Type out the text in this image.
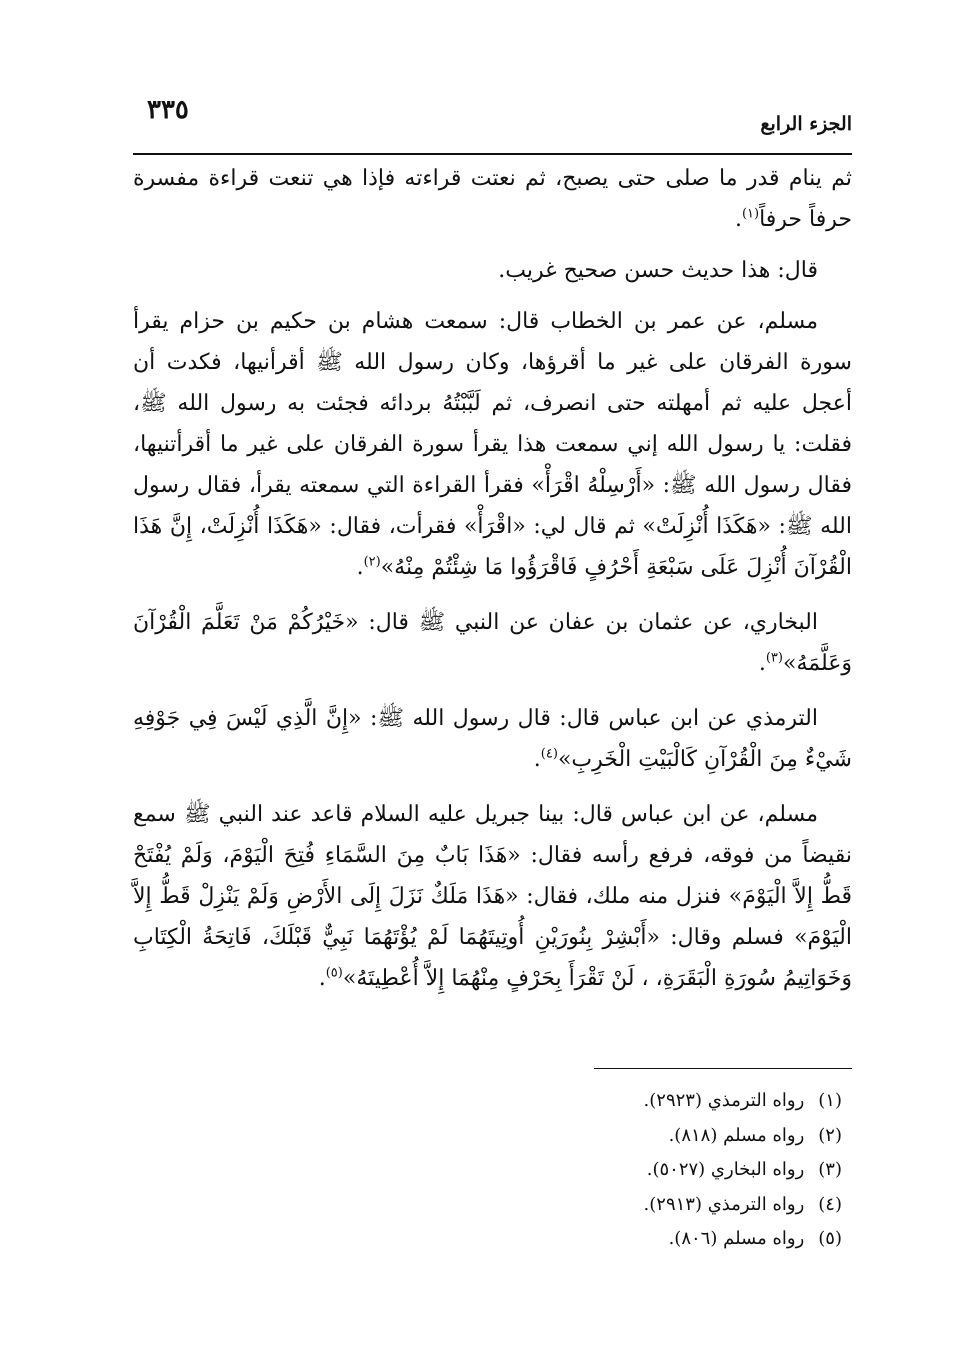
الجزء الرابع
٣٣٥

ثم ينام قدر ما صلى حتى يصبح، ثم نعتت قراءته فإذا هي تنعت قراءة مفسرة حرفاً حرفاً$^{(١)}$.

قال: هذا حديث حسن صحيح غريب.

مسلم، عن عمر بن الخطاب قال: سمعت هشام بن حكيم بن حزام يقرأ سورة الفرقان على غير ما أقرؤها، وكان رسول الله ﷺ أقرأنيها، فكدت أن أعجل عليه ثم أمهلته حتى انصرف، ثم لَبَّبْتُهُ بردائه فجئت به رسول الله ﷺ، فقلت: يا رسول الله إني سمعت هذا يقرأ سورة الفرقان على غير ما أقرأتنيها، فقال رسول الله ﷺ: «أَرْسِلْهُ اقْرَأْ» فقرأ القراءة التي سمعته يقرأ، فقال رسول الله ﷺ: «هَكَذَا أُنْزِلَتْ» ثم قال لي: «اقْرَأْ» فقرأت، فقال: «هَكَذَا أُنْزِلَتْ، إِنَّ هَذَا الْقُرْآنَ أُنْزِلَ عَلَى سَبْعَةِ أَحْرُفٍ فَاقْرَؤُوا مَا شِئْتُمْ مِنْهُ»$^{(٢)}$.

البخاري، عن عثمان بن عفان عن النبي ﷺ قال: «خَيْرُكُمْ مَنْ تَعَلَّمَ الْقُرْآنَ وَعَلَّمَهُ»$^{(٣)}$.

الترمذي عن ابن عباس قال: قال رسول الله ﷺ: «إِنَّ الَّذِي لَيْسَ فِي جَوْفِهِ شَيْءٌ مِنَ الْقُرْآنِ كَالْبَيْتِ الْخَرِبِ»$^{(٤)}$.

مسلم، عن ابن عباس قال: بينا جبريل عليه السلام قاعد عند النبي ﷺ سمع نقيضاً من فوقه، فرفع رأسه فقال: «هَذَا بَابٌ مِنَ السَّمَاءِ فُتِحَ الْيَوْمَ، وَلَمْ يُفْتَحْ قَطُّ إِلاَّ الْيَوْمَ» فنزل منه ملك، فقال: «هَذَا مَلَكٌ نَزَلَ إِلَى الأَرْضِ وَلَمْ يَنْزِلْ قَطُّ إِلاَّ الْيَوْمَ» فسلم وقال: «أَبْشِرْ بِنُورَيْنِ أُوتِيتَهُمَا لَمْ يُؤْتَهُمَا نَبِيٌّ قَبْلَكَ، فَاتِحَةُ الْكِتَابِ وَخَوَاتِيمُ سُورَةِ الْبَقَرَةِ، ، لَنْ تَقْرَأَ بِحَرْفٍ مِنْهُمَا إِلاَّ أُعْطِيتَهُ»$^{(٥)}$.

(١)رواه الترمذي (٢٩٢٣).
(٢)رواه مسلم (٨١٨).
(٣)رواه البخاري (٥٠٢٧).
(٤)رواه الترمذي (٢٩١٣).
(٥)رواه مسلم (٨٠٦).
